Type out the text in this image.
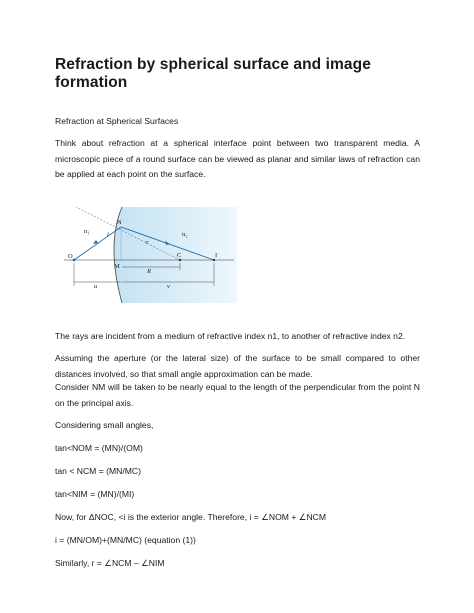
Refraction by spherical surface and image formation
Refraction at Spherical Surfaces
Think about refraction at a spherical interface point between two transparent media. A microscopic piece of a round surface can be viewed as planar and similar laws of refraction can be applied at each point on the surface.
N
M
O	C	I
n₁	n₂
i
r
R
u	v
The rays are incident from a medium of refractive index n1, to another of refractive index n2.
Assuming the aperture (or the lateral size) of the surface to be small compared to other distances involved, so that small angle approximation can be made.
Consider NM will be taken to be nearly equal to the length of the perpendicular from the point N on the principal axis.
Considering small angles,
tan<NOM = (MN)/(OM)
tan < NCM = (MN/MC)
tan<NIM = (MN)/(MI)
Now, for ΔNOC, <i is the exterior angle. Therefore, i = ∠NOM + ∠NCM
i = (MN/OM)+(MN/MC) (equation (1))
Similarly, r = ∠NCM – ∠NIM
